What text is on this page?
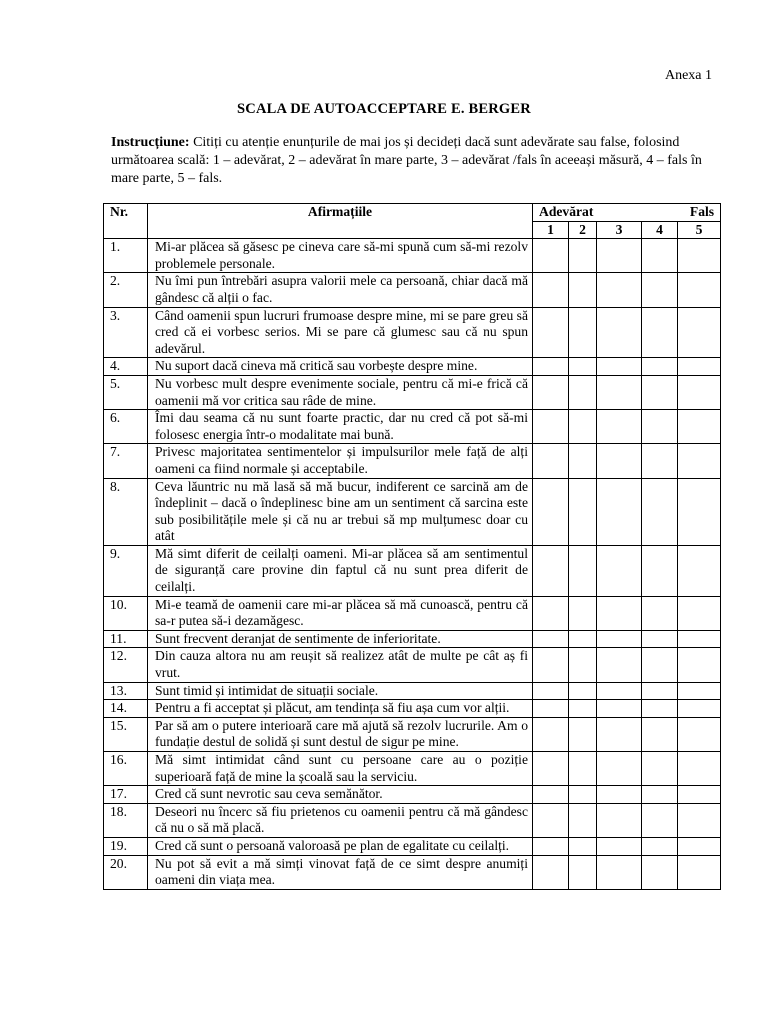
Anexa 1
SCALA DE AUTOACCEPTARE E. BERGER
Instrucțiune: Citiți cu atenție enunțurile de mai jos și decideți dacă sunt adevărate sau false, folosind următoarea scală: 1 – adevărat, 2 – adevărat în mare parte, 3 – adevărat /fals în aceeași măsură, 4 – fals în mare parte, 5 – fals.
Nr.	Afirmațiile	Adevărat Fals				

		1	2	3	4	5
1.	Mi-ar plăcea să găsesc pe cineva care să-mi spună cum să-mi rezolv problemele personale.					
2.	Nu îmi pun întrebări asupra valorii mele ca persoană, chiar dacă mă gândesc că alții o fac.					
3.	Când oamenii spun lucruri frumoase despre mine, mi se pare greu să cred că ei vorbesc serios. Mi se pare că glumesc sau că nu spun adevărul.					
4.	Nu suport dacă cineva mă critică sau vorbește despre mine.					
5.	Nu vorbesc mult despre evenimente sociale, pentru că mi-e frică că oamenii mă vor critica sau râde de mine.					
6.	Îmi dau seama că nu sunt foarte practic, dar nu cred că pot să-mi folosesc energia într-o modalitate mai bună.					
7.	Privesc majoritatea sentimentelor și impulsurilor mele față de alți oameni ca fiind normale și acceptabile.					
8.	Ceva lăuntric nu mă lasă să mă bucur, indiferent ce sarcină am de îndeplinit – dacă o îndeplinesc bine am un sentiment că sarcina este sub posibilitățile mele și că nu ar trebui să mp mulțumesc doar cu atât					
9.	Mă simt diferit de ceilalți oameni. Mi-ar plăcea să am sentimentul de siguranță care provine din faptul că nu sunt prea diferit de ceilalți.					
10.	Mi-e teamă de oamenii care mi-ar plăcea să mă cunoască, pentru că sa-r putea să-i dezamăgesc.					
11.	Sunt frecvent deranjat de sentimente de inferioritate.					
12.	Din cauza altora nu am reușit să realizez atât de multe pe cât aș fi vrut.					
13.	Sunt timid și intimidat de situații sociale.					
14.	Pentru a fi acceptat și plăcut, am tendința să fiu așa cum vor alții.					
15.	Par să am o putere interioară care mă ajută să rezolv lucrurile. Am o fundație destul de solidă și sunt destul de sigur pe mine.					
16.	Mă simt intimidat când sunt cu persoane care au o poziție superioară față de mine la școală sau la serviciu.					
17.	Cred că sunt nevrotic sau ceva semănător.					
18.	Deseori nu încerc să fiu prietenos cu oamenii pentru că mă gândesc că nu o să mă placă.					
19.	Cred că sunt o persoană valoroasă pe plan de egalitate cu ceilalți.					
20.	Nu pot să evit a mă simți vinovat față de ce simt despre anumiți oameni din viața mea.					
